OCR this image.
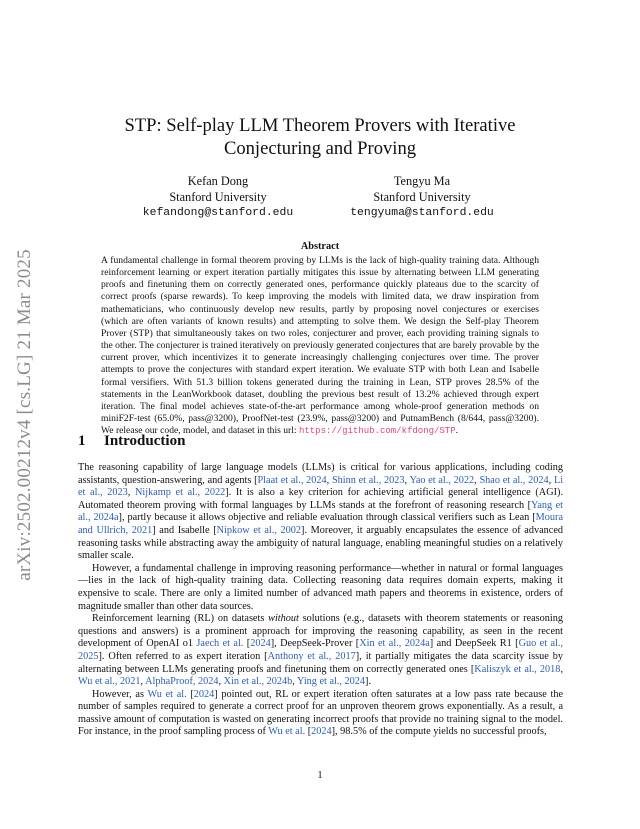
arXiv:2502.00212v4 [cs.LG] 21 Mar 2025
STP: Self-play LLM Theorem Provers with Iterative Conjecturing and Proving
Kefan Dong
Stanford University
kefandong@stanford.edu
Tengyu Ma
Stanford University
tengyuma@stanford.edu
Abstract
A fundamental challenge in formal theorem proving by LLMs is the lack of high-quality training data. Although reinforcement learning or expert iteration partially mitigates this issue by alternating between LLM generating proofs and finetuning them on correctly generated ones, performance quickly plateaus due to the scarcity of correct proofs (sparse rewards). To keep improving the models with limited data, we draw inspiration from mathematicians, who continuously develop new results, partly by proposing novel conjectures or exercises (which are often variants of known results) and attempting to solve them. We design the Self-play Theorem Prover (STP) that simultaneously takes on two roles, conjecturer and prover, each providing training signals to the other. The conjecturer is trained iteratively on previously generated conjectures that are barely provable by the current prover, which incentivizes it to generate increasingly challenging conjectures over time. The prover attempts to prove the conjectures with standard expert iteration. We evaluate STP with both Lean and Isabelle formal versifiers. With 51.3 billion tokens generated during the training in Lean, STP proves 28.5% of the statements in the LeanWorkbook dataset, doubling the previous best result of 13.2% achieved through expert iteration. The final model achieves state-of-the-art performance among whole-proof generation methods on miniF2F-test (65.0%, pass@3200), ProofNet-test (23.9%, pass@3200) and PutnamBench (8/644, pass@3200). We release our code, model, and dataset in this url: https://github.com/kfdong/STP.
1 Introduction

The reasoning capability of large language models (LLMs) is critical for various applications, including coding assistants, question-answering, and agents [Plaat et al., 2024, Shinn et al., 2023, Yao et al., 2022, Shao et al., 2024, Li et al., 2023, Nijkamp et al., 2022]. It is also a key criterion for achieving artificial general intelligence (AGI). Automated theorem proving with formal languages by LLMs stands at the forefront of reasoning research [Yang et al., 2024a], partly because it allows objective and reliable evaluation through classical verifiers such as Lean [Moura and Ullrich, 2021] and Isabelle [Nipkow et al., 2002]. Moreover, it arguably encapsulates the essence of advanced reasoning tasks while abstracting away the ambiguity of natural language, enabling meaningful studies on a relatively smaller scale.

However, a fundamental challenge in improving reasoning performance—whether in natural or formal languages—lies in the lack of high-quality training data. Collecting reasoning data requires domain experts, making it expensive to scale. There are only a limited number of advanced math papers and theorems in existence, orders of magnitude smaller than other data sources.

Reinforcement learning (RL) on datasets without solutions (e.g., datasets with theorem statements or reasoning questions and answers) is a prominent approach for improving the reasoning capability, as seen in the recent development of OpenAI o1 Jaech et al. [2024], DeepSeek-Prover [Xin et al., 2024a] and DeepSeek R1 [Guo et al., 2025]. Often referred to as expert iteration [Anthony et al., 2017], it partially mitigates the data scarcity issue by alternating between LLMs generating proofs and finetuning them on correctly generated ones [Kaliszyk et al., 2018, Wu et al., 2021, AlphaProof, 2024, Xin et al., 2024b, Ying et al., 2024].

However, as Wu et al. [2024] pointed out, RL or expert iteration often saturates at a low pass rate because the number of samples required to generate a correct proof for an unproven theorem grows exponentially. As a result, a massive amount of computation is wasted on generating incorrect proofs that provide no training signal to the model. For instance, in the proof sampling process of Wu et al. [2024], 98.5% of the compute yields no successful proofs,

1
